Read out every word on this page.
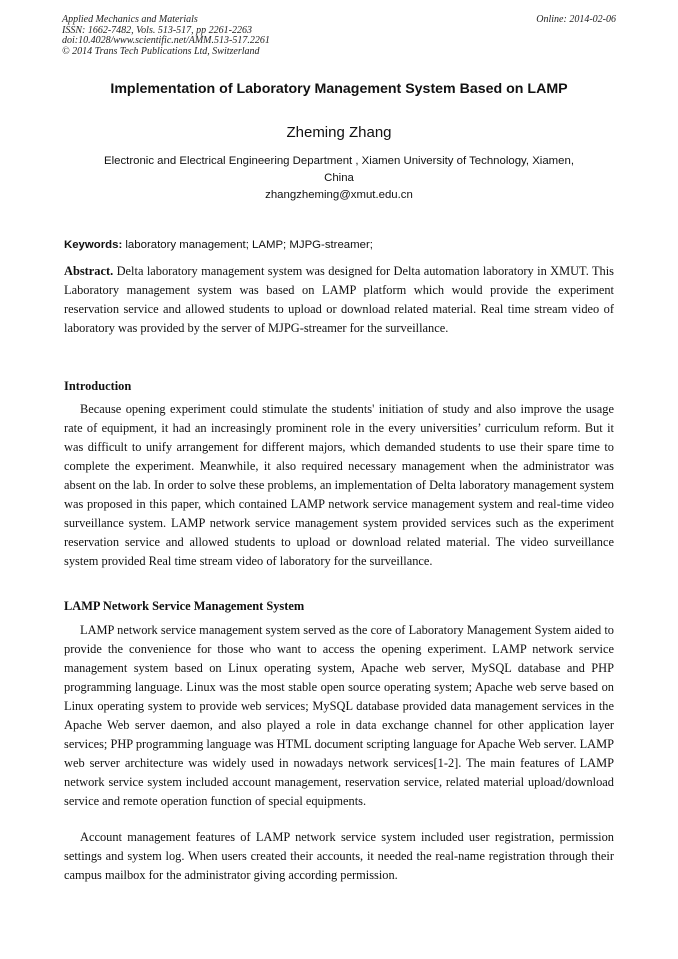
Applied Mechanics and Materials
ISSN: 1662-7482, Vols. 513-517, pp 2261-2263
doi:10.4028/www.scientific.net/AMM.513-517.2261
© 2014 Trans Tech Publications Ltd, Switzerland
Online: 2014-02-06
Implementation of Laboratory Management System Based on LAMP
Zheming Zhang
Electronic and Electrical Engineering Department , Xiamen University of Technology, Xiamen,
China
zhangzheming@xmut.edu.cn
Keywords: laboratory management; LAMP; MJPG-streamer;
Abstract. Delta laboratory management system was designed for Delta automation laboratory in XMUT. This Laboratory management system was based on LAMP platform which would provide the experiment reservation service and allowed students to upload or download related material. Real time stream video of laboratory was provided by the server of MJPG-streamer for the surveillance.
Introduction
Because opening experiment could stimulate the students' initiation of study and also improve the usage rate of equipment, it had an increasingly prominent role in the every universities’ curriculum reform. But it was difficult to unify arrangement for different majors, which demanded students to use their spare time to complete the experiment. Meanwhile, it also required necessary management when the administrator was absent on the lab. In order to solve these problems, an implementation of Delta laboratory management system was proposed in this paper, which contained LAMP network service management system and real-time video surveillance system. LAMP network service management system provided services such as the experiment reservation service and allowed students to upload or download related material. The video surveillance system provided Real time stream video of laboratory for the surveillance.
LAMP Network Service Management System
LAMP network service management system served as the core of Laboratory Management System aided to provide the convenience for those who want to access the opening experiment. LAMP network service management system based on Linux operating system, Apache web server, MySQL database and PHP programming language. Linux was the most stable open source operating system; Apache web serve based on Linux operating system to provide web services; MySQL database provided data management services in the Apache Web server daemon, and also played a role in data exchange channel for other application layer services; PHP programming language was HTML document scripting language for Apache Web server. LAMP web server architecture was widely used in nowadays network services[1-2]. The main features of LAMP network service system included account management, reservation service, related material upload/download service and remote operation function of special equipments.
Account management features of LAMP network service system included user registration, permission settings and system log. When users created their accounts, it needed the real-name registration through their campus mailbox for the administrator giving according permission.
